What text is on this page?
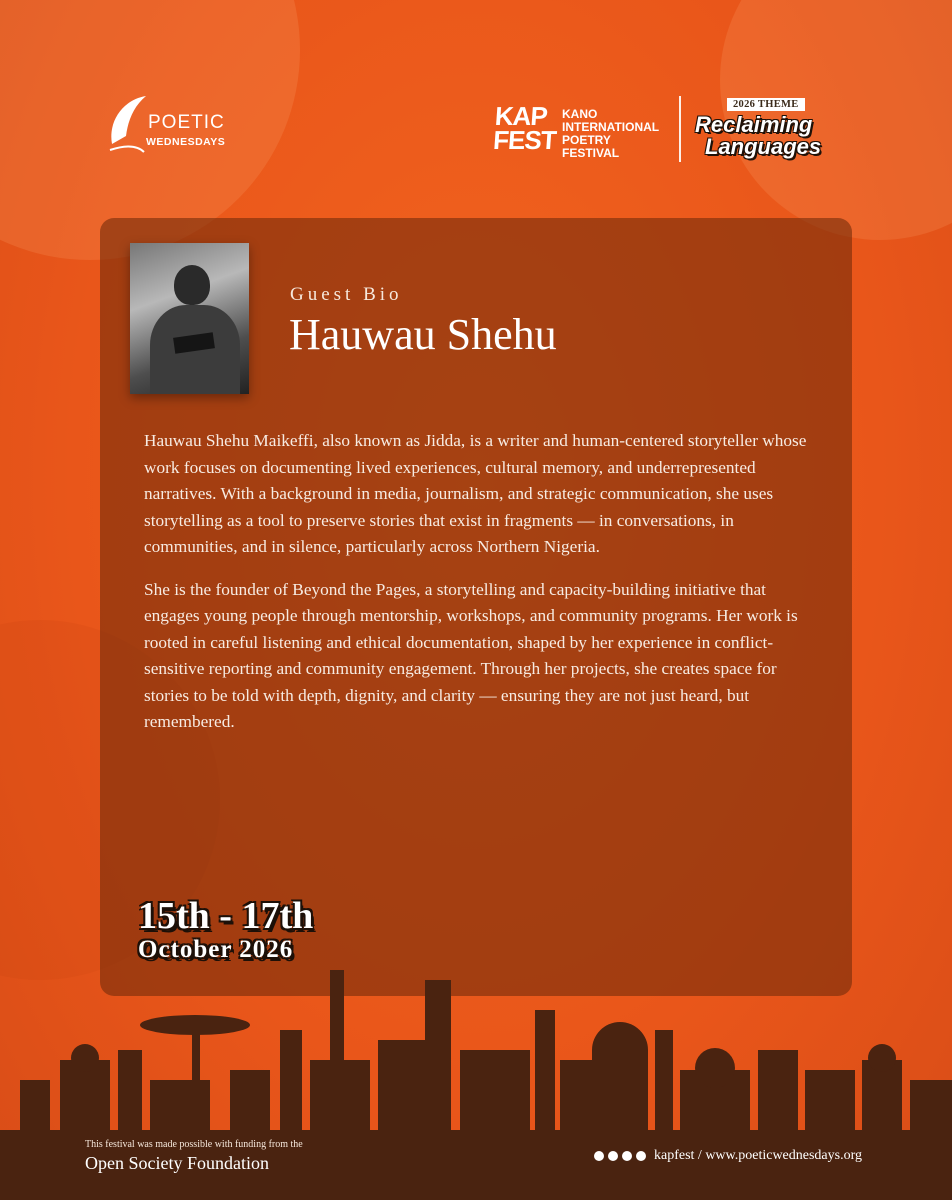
POETIC
WEDNESDAYS
KAP
FEST
KANO
INTERNATIONAL
POETRY
FESTIVAL
2026 THEME
Reclaiming
Languages
Guest Bio
Hauwau Shehu

Hauwau Shehu Maikeffi, also known as Jidda, is a writer and human-centered storyteller whose work focuses on documenting lived experiences, cultural memory, and underrepresented narratives. With a background in media, journalism, and strategic communication, she uses storytelling as a tool to preserve stories that exist in fragments — in conversations, in communities, and in silence, particularly across Northern Nigeria.

She is the founder of Beyond the Pages, a storytelling and capacity-building initiative that engages young people through mentorship, workshops, and community programs. Her work is rooted in careful listening and ethical documentation, shaped by her experience in conflict-sensitive reporting and community engagement. Through her projects, she creates space for stories to be told with depth, dignity, and clarity — ensuring they are not just heard, but remembered.

15th - 17th
October 2026
This festival was made possible with funding from the
Open Society Foundation	kapfest / www.poeticwednesdays.org
